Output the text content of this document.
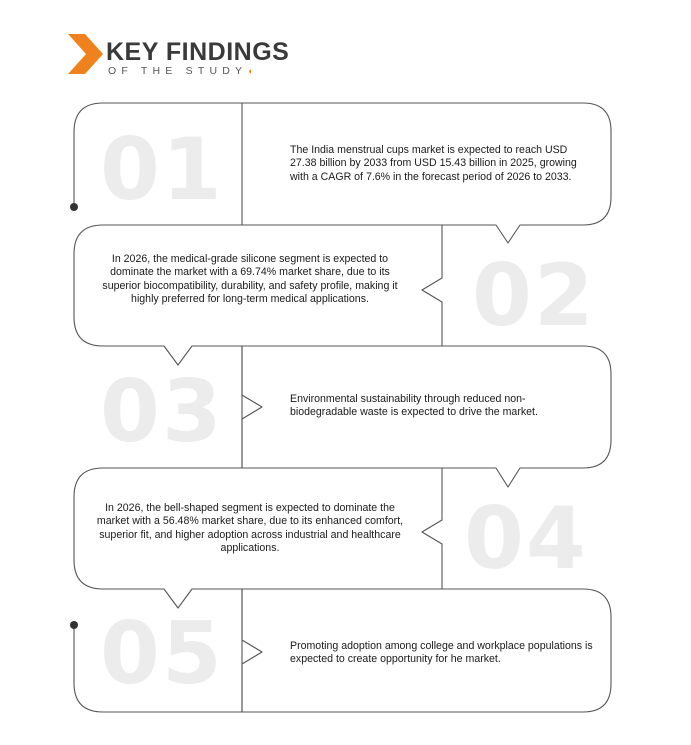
KEY FINDINGS
OF THE STUDY◖
01
02
03
04
05
The India menstrual cups market is expected to reach USD 27.38 billion by 2033 from USD 15.43 billion in 2025, growing with a CAGR of 7.6% in the forecast period of 2026 to 2033.
In 2026, the medical-grade silicone segment is expected to dominate the market with a 69.74% market share, due to its superior biocompatibility, durability, and safety profile, making it highly preferred for long-term medical applications.
Environmental sustainability through reduced non-biodegradable waste is expected to drive the market.
In 2026, the bell-shaped segment is expected to dominate the market with a 56.48% market share, due to its enhanced comfort, superior fit, and higher adoption across industrial and healthcare applications.
Promoting adoption among college and workplace populations is expected to create opportunity for he market.
